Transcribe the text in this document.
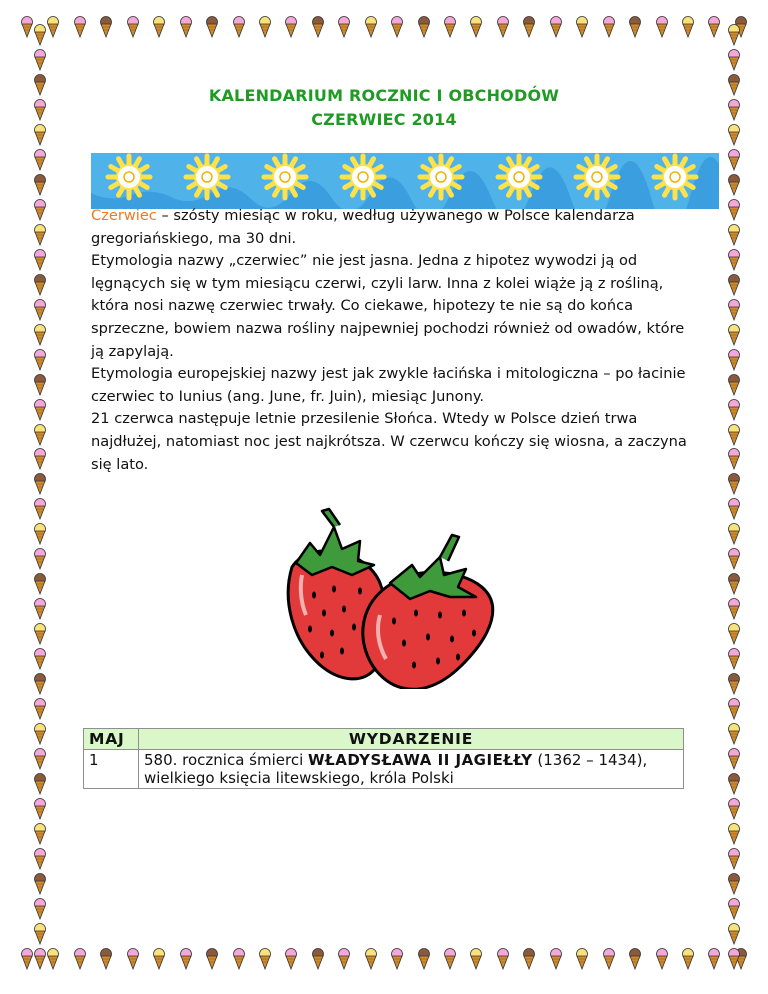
KALENDARIUM ROCZNIC I OBCHODÓW
CZERWIEC 2014

Czerwiec – szósty miesiąc w roku, według używanego w Polsce kalendarza gregoriańskiego, ma 30 dni.

Etymologia nazwy „czerwiec” nie jest jasna. Jedna z hipotez wywodzi ją od lęgnących się w tym miesiącu czerwi, czyli larw. Inna z kolei wiąże ją z rośliną, która nosi nazwę czerwiec trwały. Co ciekawe, hipotezy te nie są do końca sprzeczne, bowiem nazwa rośliny najpewniej pochodzi również od owadów, które ją zapylają.

Etymologia europejskiej nazwy jest jak zwykle łacińska i mitologiczna – po łacinie czerwiec to Iunius (ang. June, fr. Juin), miesiąc Junony.

21 czerwca następuje letnie przesilenie Słońca. Wtedy w Polsce dzień trwa najdłużej, natomiast noc jest najkrótsza. W czerwcu kończy się wiosna, a zaczyna się lato.

MAJ	WYDARZENIE
1	580. rocznica śmierci WŁADYSŁAWA II JAGIEŁŁY (1362 – 1434), wielkiego księcia litewskiego, króla Polski
